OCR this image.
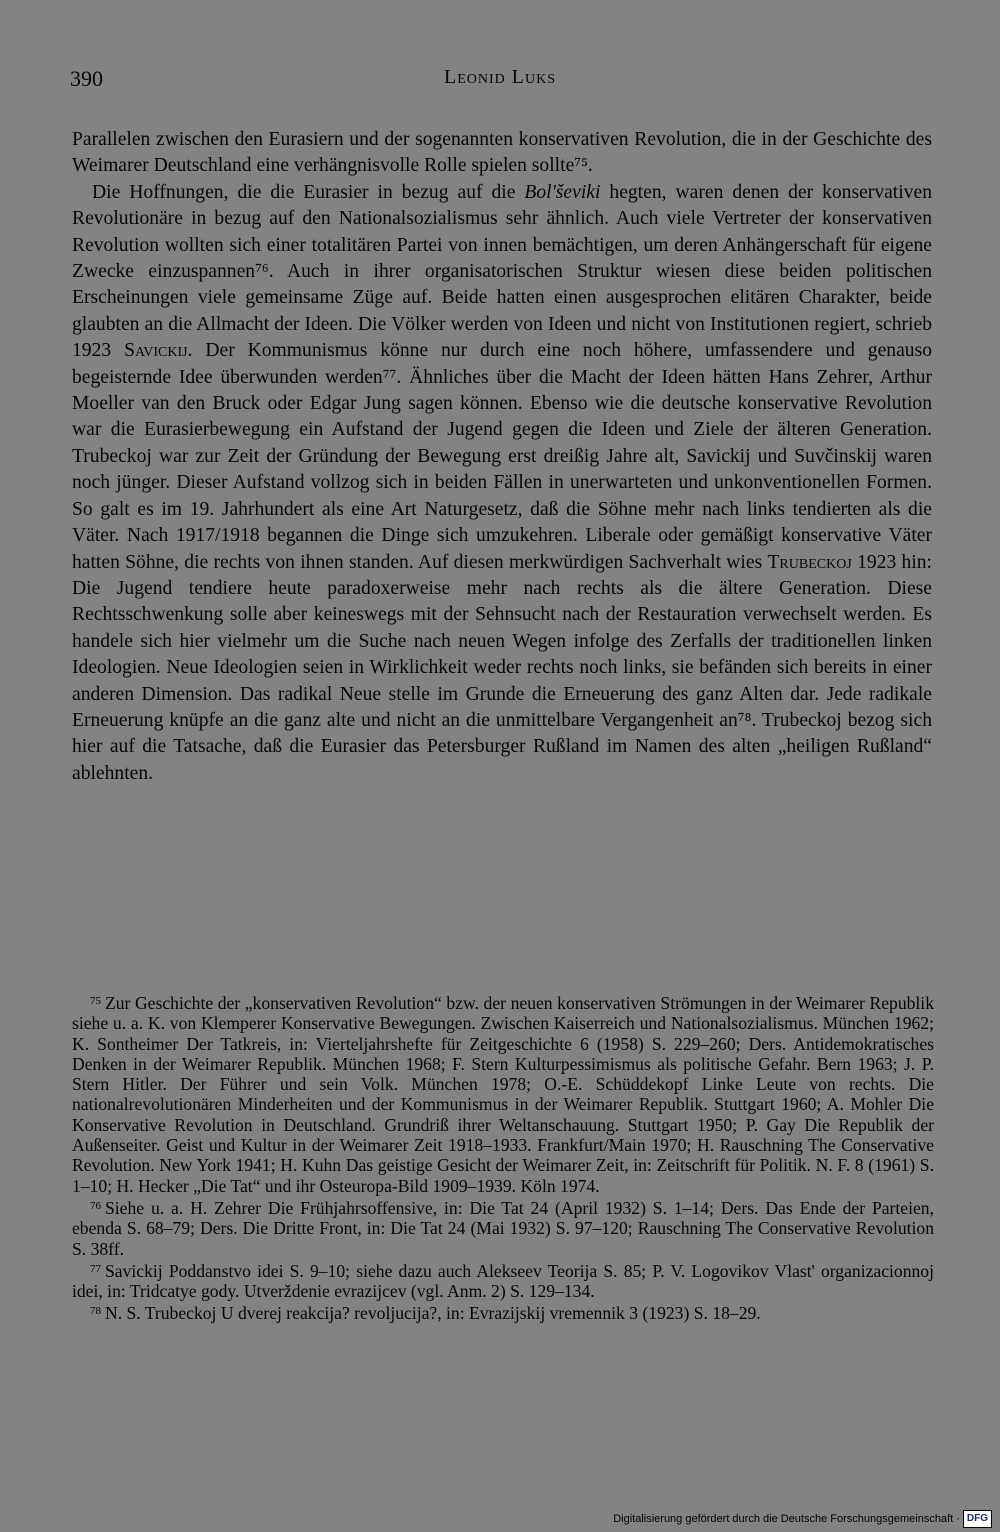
390	Leonid Luks

Parallelen zwischen den Eurasiern und der sogenannten konservativen Revolution, die in der Geschichte des Weimarer Deutschland eine verhängnisvolle Rolle spielen sollte⁷⁵.

Die Hoffnungen, die die Eurasier in bezug auf die Bol'ševiki hegten, waren denen der konservativen Revolutionäre in bezug auf den Nationalsozialismus sehr ähnlich. Auch viele Vertreter der konservativen Revolution wollten sich einer totalitären Partei von innen bemächtigen, um deren Anhängerschaft für eigene Zwecke einzuspannen⁷⁶. Auch in ihrer organisatorischen Struktur wiesen diese beiden politischen Erscheinungen viele gemeinsame Züge auf. Beide hatten einen ausgesprochen elitären Charakter, beide glaubten an die Allmacht der Ideen. Die Völker werden von Ideen und nicht von Institutionen regiert, schrieb 1923 Savickij. Der Kommunismus könne nur durch eine noch höhere, umfassendere und genauso begeisternde Idee überwunden werden⁷⁷. Ähnliches über die Macht der Ideen hätten Hans Zehrer, Arthur Moeller van den Bruck oder Edgar Jung sagen können. Ebenso wie die deutsche konservative Revolution war die Eurasierbewegung ein Aufstand der Jugend gegen die Ideen und Ziele der älteren Generation. Trubeckoj war zur Zeit der Gründung der Bewegung erst dreißig Jahre alt, Savickij und Suvčinskij waren noch jünger. Dieser Aufstand vollzog sich in beiden Fällen in unerwarteten und unkonventionellen Formen. So galt es im 19. Jahrhundert als eine Art Naturgesetz, daß die Söhne mehr nach links tendierten als die Väter. Nach 1917/1918 begannen die Dinge sich umzukehren. Liberale oder gemäßigt konservative Väter hatten Söhne, die rechts von ihnen standen. Auf diesen merkwürdigen Sachverhalt wies Trubeckoj 1923 hin: Die Jugend tendiere heute paradoxerweise mehr nach rechts als die ältere Generation. Diese Rechtsschwenkung solle aber keineswegs mit der Sehnsucht nach der Restauration verwechselt werden. Es handele sich hier vielmehr um die Suche nach neuen Wegen infolge des Zerfalls der traditionellen linken Ideologien. Neue Ideologien seien in Wirklichkeit weder rechts noch links, sie befänden sich bereits in einer anderen Dimension. Das radikal Neue stelle im Grunde die Erneuerung des ganz Alten dar. Jede radikale Erneuerung knüpfe an die ganz alte und nicht an die unmittelbare Vergangenheit an⁷⁸. Trubeckoj bezog sich hier auf die Tatsache, daß die Eurasier das Petersburger Rußland im Namen des alten „heiligen Rußland“ ablehnten.

$^{75}$ Zur Geschichte der „konservativen Revolution“ bzw. der neuen konservativen Strömungen in der Weimarer Republik siehe u. a. K. von Klemperer Konservative Bewegungen. Zwischen Kaiserreich und Nationalsozialismus. München 1962; K. Sontheimer Der Tatkreis, in: Vierteljahrshefte für Zeitgeschichte 6 (1958) S. 229–260; Ders. Antidemokratisches Denken in der Weimarer Republik. München 1968; F. Stern Kulturpessimismus als politische Gefahr. Bern 1963; J. P. Stern Hitler. Der Führer und sein Volk. München 1978; O.-E. Schüddekopf Linke Leute von rechts. Die nationalrevolutionären Minderheiten und der Kommunismus in der Weimarer Republik. Stuttgart 1960; A. Mohler Die Konservative Revolution in Deutschland. Grundriß ihrer Weltanschauung. Stuttgart 1950; P. Gay Die Republik der Außenseiter. Geist und Kultur in der Weimarer Zeit 1918–1933. Frankfurt/Main 1970; H. Rauschning The Conservative Revolution. New York 1941; H. Kuhn Das geistige Gesicht der Weimarer Zeit, in: Zeitschrift für Politik. N. F. 8 (1961) S. 1–10; H. Hecker „Die Tat“ und ihr Osteuropa-Bild 1909–1939. Köln 1974.

$^{76}$ Siehe u. a. H. Zehrer Die Frühjahrsoffensive, in: Die Tat 24 (April 1932) S. 1–14; Ders. Das Ende der Parteien, ebenda S. 68–79; Ders. Die Dritte Front, in: Die Tat 24 (Mai 1932) S. 97–120; Rauschning The Conservative Revolution S. 38ff.

$^{77}$ Savickij Poddanstvo idei S. 9–10; siehe dazu auch Alekseev Teorija S. 85; P. V. Logovikov Vlast' organizacionnoj idei, in: Tridcatye gody. Utverždenie evrazijcev (vgl. Anm. 2) S. 129–134.

$^{78}$ N. S. Trubeckoj U dverej reakcija? revoljucija?, in: Evrazijskij vremennik 3 (1923) S. 18–29.

Digitalisierung gefördert durch die Deutsche Forschungsgemeinschaft · DFG
